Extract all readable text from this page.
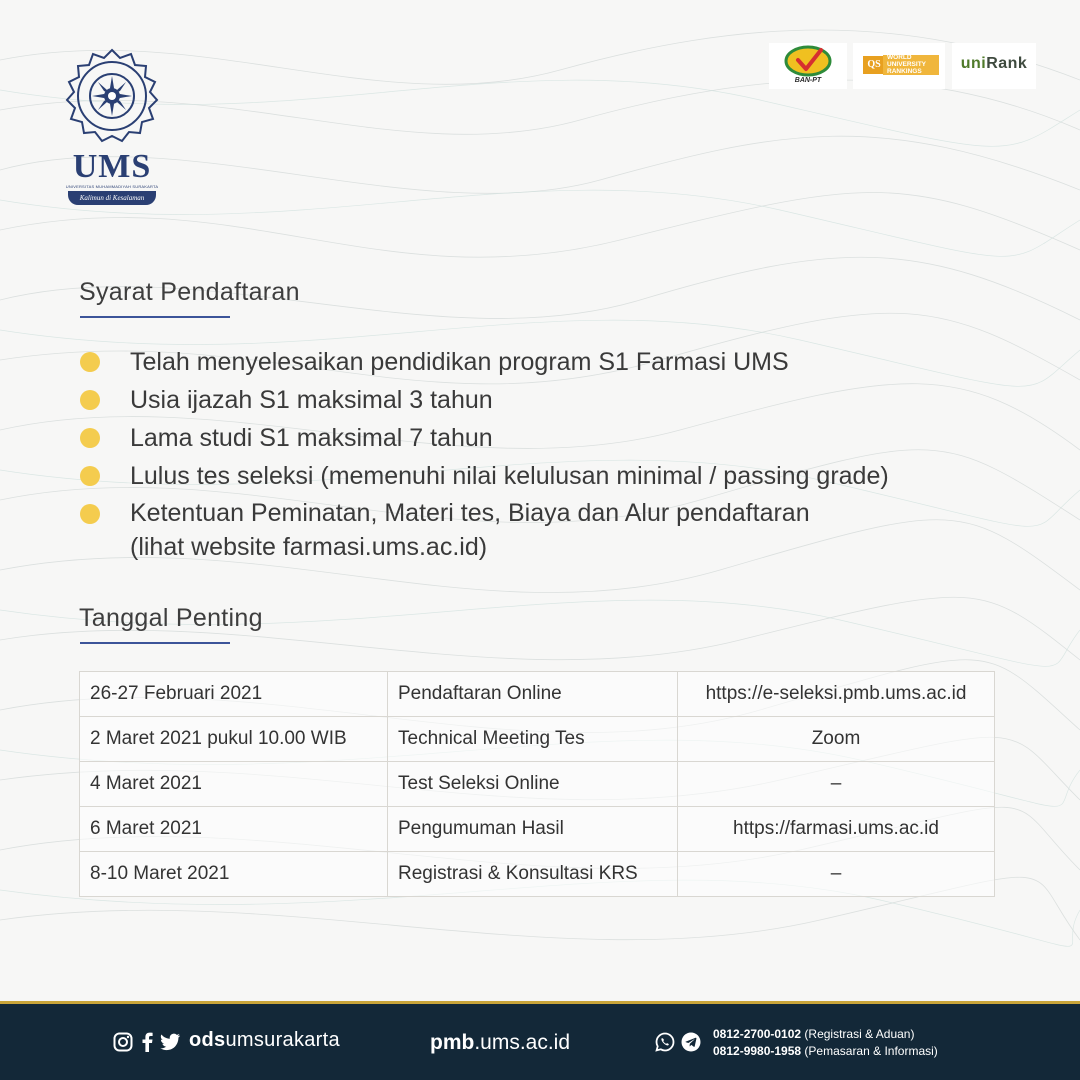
UMS
UNIVERSITAS MUHAMMADIYAH SURAKARTA
Kalimun di Kesalaman
BAN-PT
QS
WORLD
UNIVERSITY
RANKINGS	uniRank
Syarat Pendaftaran
Telah menyelesaikan pendidikan program S1 Farmasi UMS
Usia ijazah S1 maksimal 3 tahun
Lama studi S1 maksimal 7 tahun
Lulus tes seleksi (memenuhi nilai kelulusan minimal / passing grade)
Ketentuan Peminatan, Materi tes, Biaya dan Alur pendaftaran
(lihat website farmasi.ums.ac.id)
Tanggal Penting
26-27 Februari 2021	Pendaftaran Online	https://e-seleksi.pmb.ums.ac.id
2 Maret 2021 pukul 10.00 WIB	Technical Meeting Tes	Zoom
4 Maret 2021	Test Seleksi Online	–
6 Maret 2021	Pengumuman Hasil	https://farmasi.ums.ac.id
8-10 Maret 2021	Registrasi & Konsultasi KRS	–
odsumsurakarta	pmb.ums.ac.id	0812-2700-0102 (Registrasi & Aduan)
0812-9980-1958 (Pemasaran & Informasi)
